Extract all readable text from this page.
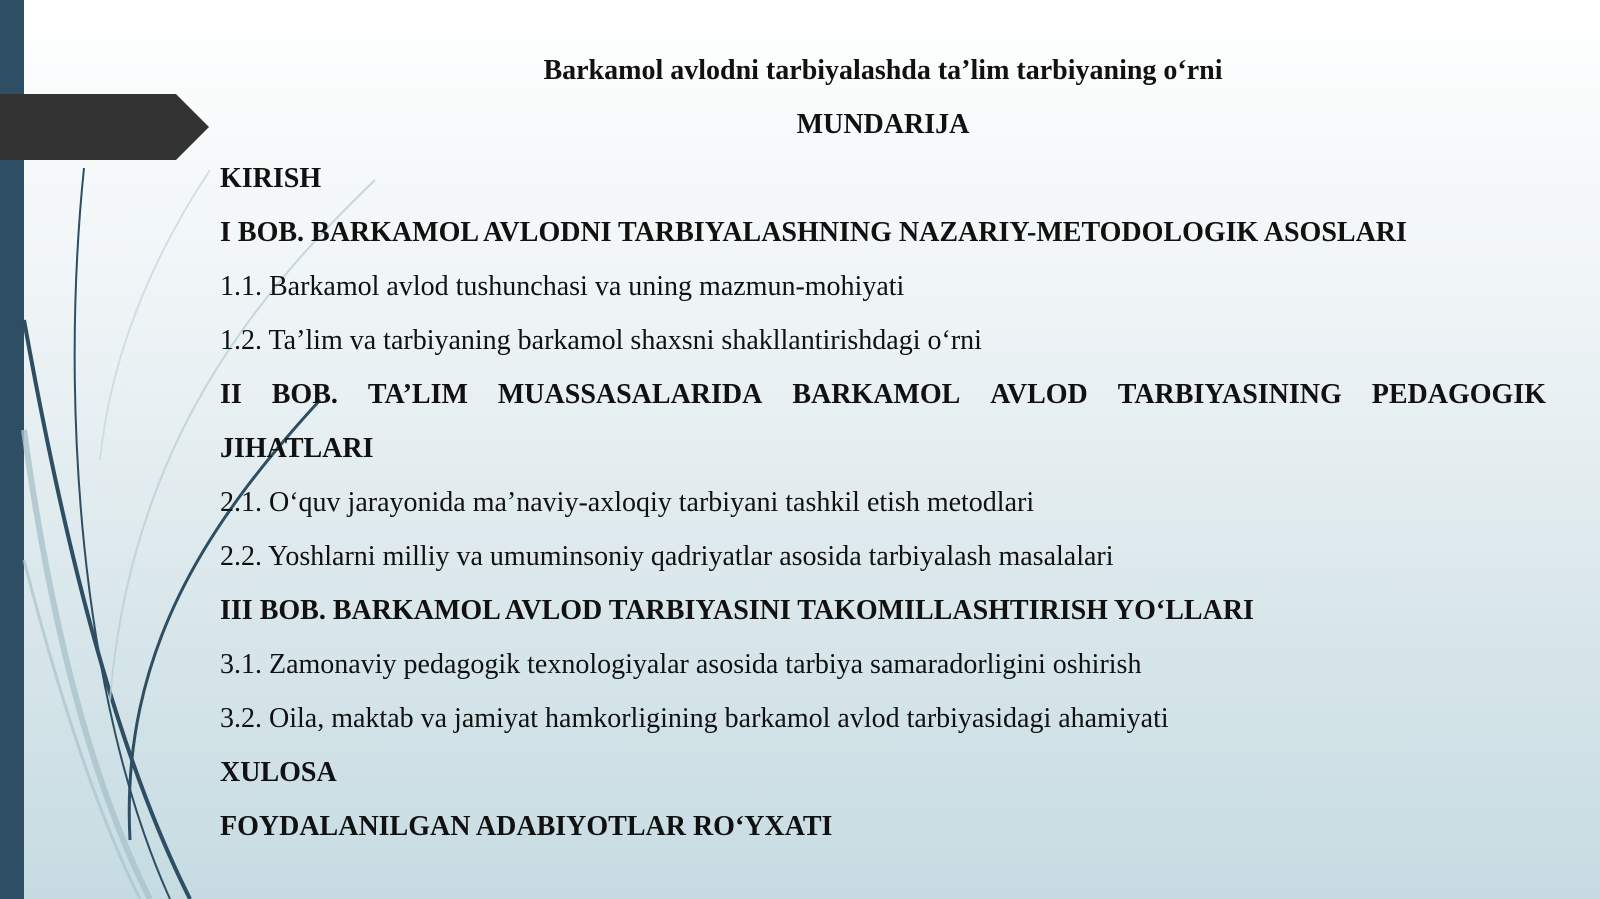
Barkamol avlodni tarbiyalashda ta’lim tarbiyaning o‘rni
MUNDARIJA
KIRISH
I BOB. BARKAMOL AVLODNI TARBIYALASHNING NAZARIY-METODOLOGIK ASOSLARI
1.1. Barkamol avlod tushunchasi va uning mazmun-mohiyati
1.2. Ta’lim va tarbiyaning barkamol shaxsni shakllantirishdagi o‘rni
II BOB. TA’LIM MUASSASALARIDA BARKAMOL AVLOD TARBIYASINING PEDAGOGIK
JIHATLARI
2.1. O‘quv jarayonida ma’naviy-axloqiy tarbiyani tashkil etish metodlari
2.2. Yoshlarni milliy va umuminsoniy qadriyatlar asosida tarbiyalash masalalari
III BOB. BARKAMOL AVLOD TARBIYASINI TAKOMILLASHTIRISH YO‘LLARI
3.1. Zamonaviy pedagogik texnologiyalar asosida tarbiya samaradorligini oshirish
3.2. Oila, maktab va jamiyat hamkorligining barkamol avlod tarbiyasidagi ahamiyati
XULOSA
FOYDALANILGAN ADABIYOTLAR RO‘YXATI
